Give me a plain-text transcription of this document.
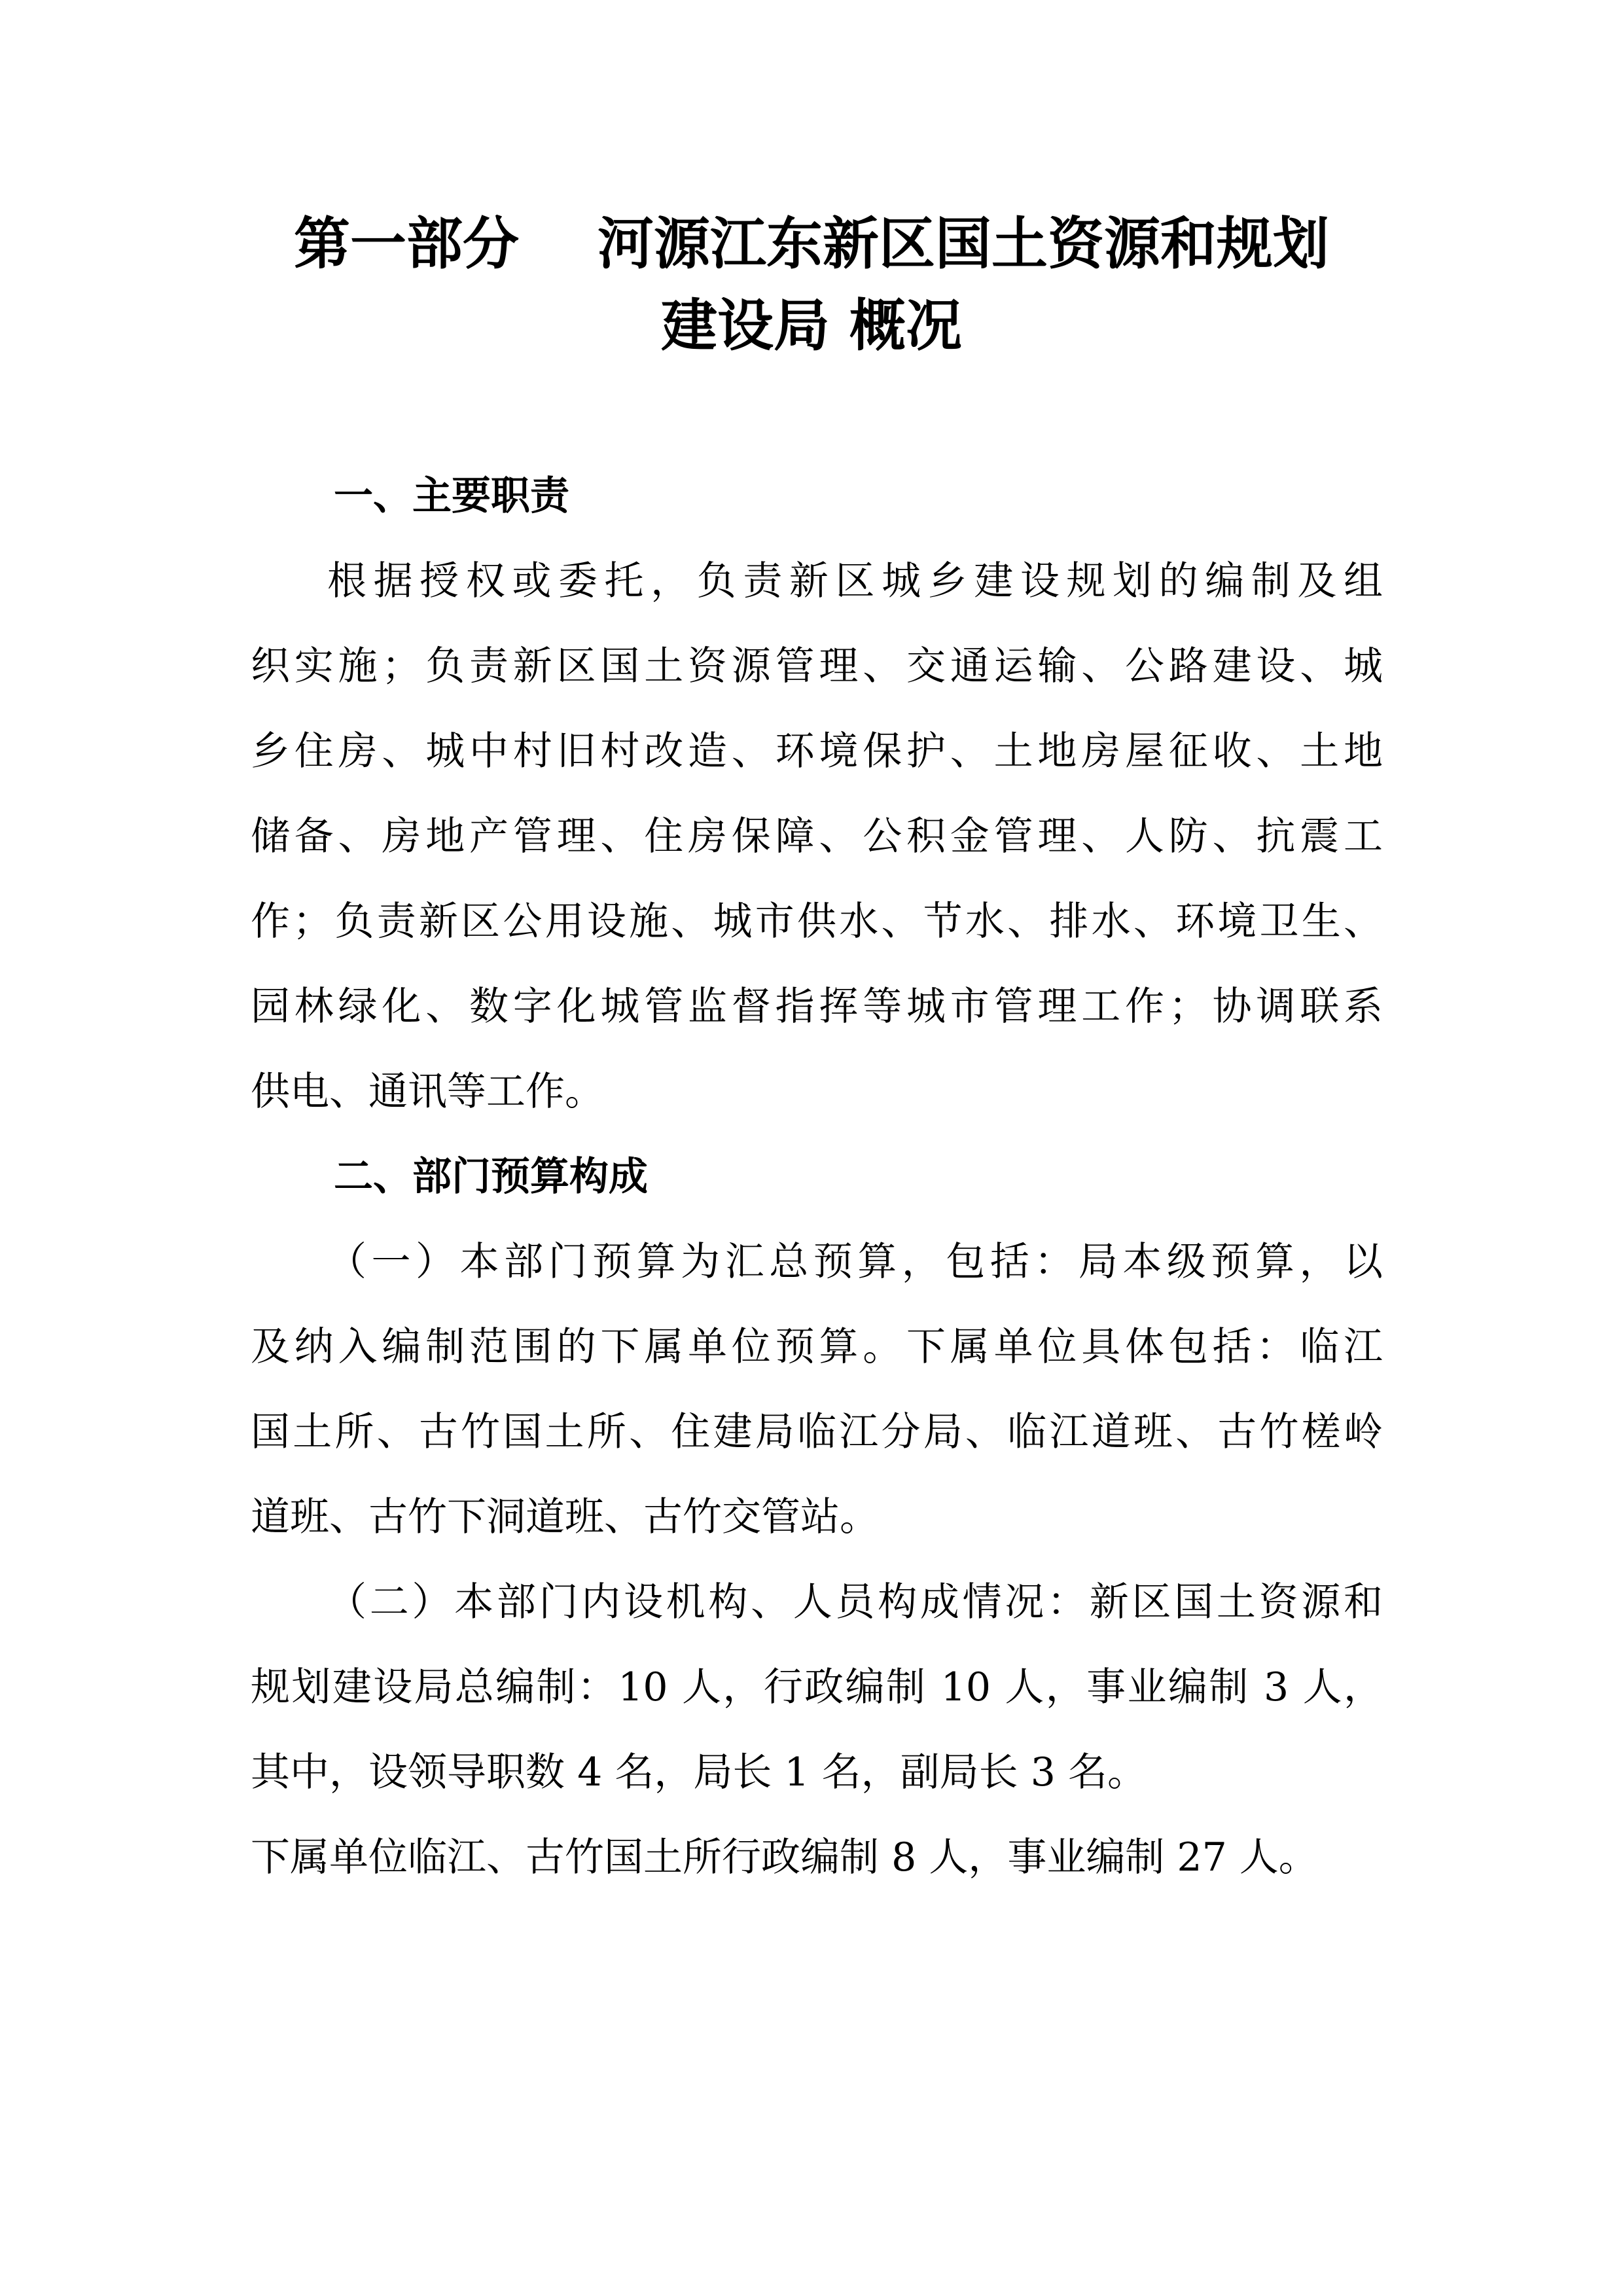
第一部分 河源江东新区国土资源和规划
建设局 概况
一、主要职责
根据授权或委托，负责新区城乡建设规划的编制及组
织实施；负责新区国土资源管理、交通运输、公路建设、城
乡住房、城中村旧村改造、环境保护、土地房屋征收、土地
储备、房地产管理、住房保障、公积金管理、人防、抗震工
作；负责新区公用设施、城市供水、节水、排水、环境卫生、
园林绿化、数字化城管监督指挥等城市管理工作；协调联系
供电、通讯等工作。
二、部门预算构成
（一）本部门预算为汇总预算，包括：局本级预算，以
及纳入编制范围的下属单位预算。下属单位具体包括：临江
国土所、古竹国土所、住建局临江分局、临江道班、古竹槎岭
道班、古竹下洞道班、古竹交管站。
（二）本部门内设机构、人员构成情况：新区国土资源和
规划建设局总编制：10 人，行政编制 10 人，事业编制 3 人，
其中，设领导职数 4 名，局长 1 名，副局长 3 名。
下属单位临江、古竹国土所行政编制 8 人，事业编制 27 人。
